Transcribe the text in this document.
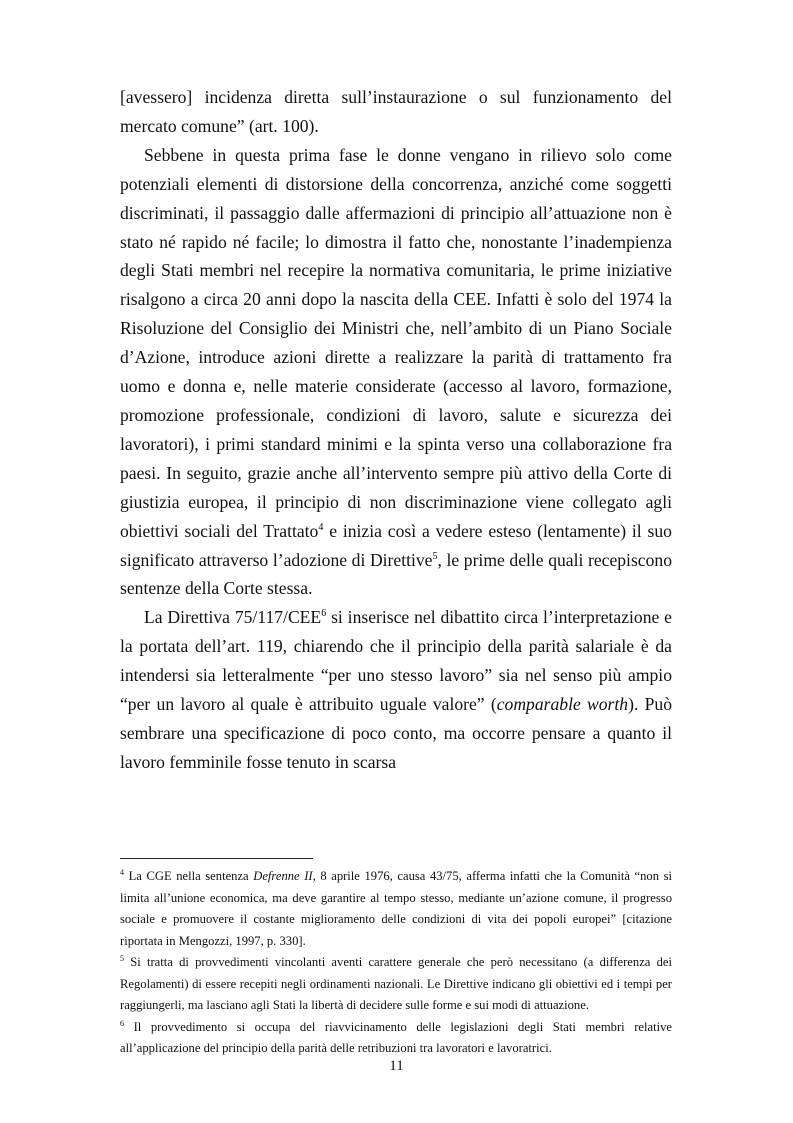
[avessero] incidenza diretta sull’instaurazione o sul funzionamento del mercato comune” (art. 100).

Sebbene in questa prima fase le donne vengano in rilievo solo come potenziali elementi di distorsione della concorrenza, anziché come soggetti discriminati, il passaggio dalle affermazioni di principio all’attuazione non è stato né rapido né facile; lo dimostra il fatto che, nonostante l’inadempienza degli Stati membri nel recepire la normativa comunitaria, le prime iniziative risalgono a circa 20 anni dopo la nascita della CEE. Infatti è solo del 1974 la Risoluzione del Consiglio dei Ministri che, nell’ambito di un Piano Sociale d’Azione, introduce azioni dirette a realizzare la parità di trattamento fra uomo e donna e, nelle materie considerate (accesso al lavoro, formazione, promozione professionale, condizioni di lavoro, salute e sicurezza dei lavoratori), i primi standard minimi e la spinta verso una collaborazione fra paesi. In seguito, grazie anche all’intervento sempre più attivo della Corte di giustizia europea, il principio di non discriminazione viene collegato agli obiettivi sociali del Trattato$^4$ e inizia così a vedere esteso (lentamente) il suo significato attraverso l’adozione di Direttive$^5$, le prime delle quali recepiscono sentenze della Corte stessa.

La Direttiva 75/117/CEE$^6$ si inserisce nel dibattito circa l’interpretazione e la portata dell’art. 119, chiarendo che il principio della parità salariale è da intendersi sia letteralmente “per uno stesso lavoro” sia nel senso più ampio “per un lavoro al quale è attribuito uguale valore” (comparable worth). Può sembrare una specificazione di poco conto, ma occorre pensare a quanto il lavoro femminile fosse tenuto in scarsa

$^4$ La CGE nella sentenza Defrenne II, 8 aprile 1976, causa 43/75, afferma infatti che la Comunità “non si limita all’unione economica, ma deve garantire al tempo stesso, mediante un’azione comune, il progresso sociale e promuovere il costante miglioramento delle condizioni di vita dei popoli europei” [citazione riportata in Mengozzi, 1997, p. 330].

$^5$ Si tratta di provvedimenti vincolanti aventi carattere generale che però necessitano (a differenza dei Regolamenti) di essere recepiti negli ordinamenti nazionali. Le Direttive indicano gli obiettivi ed i tempi per raggiungerli, ma lasciano agli Stati la libertà di decidere sulle forme e sui modi di attuazione.

$^6$ Il provvedimento si occupa del riavvicinamento delle legislazioni degli Stati membri relative all’applicazione del principio della parità delle retribuzioni tra lavoratori e lavoratrici.

11
